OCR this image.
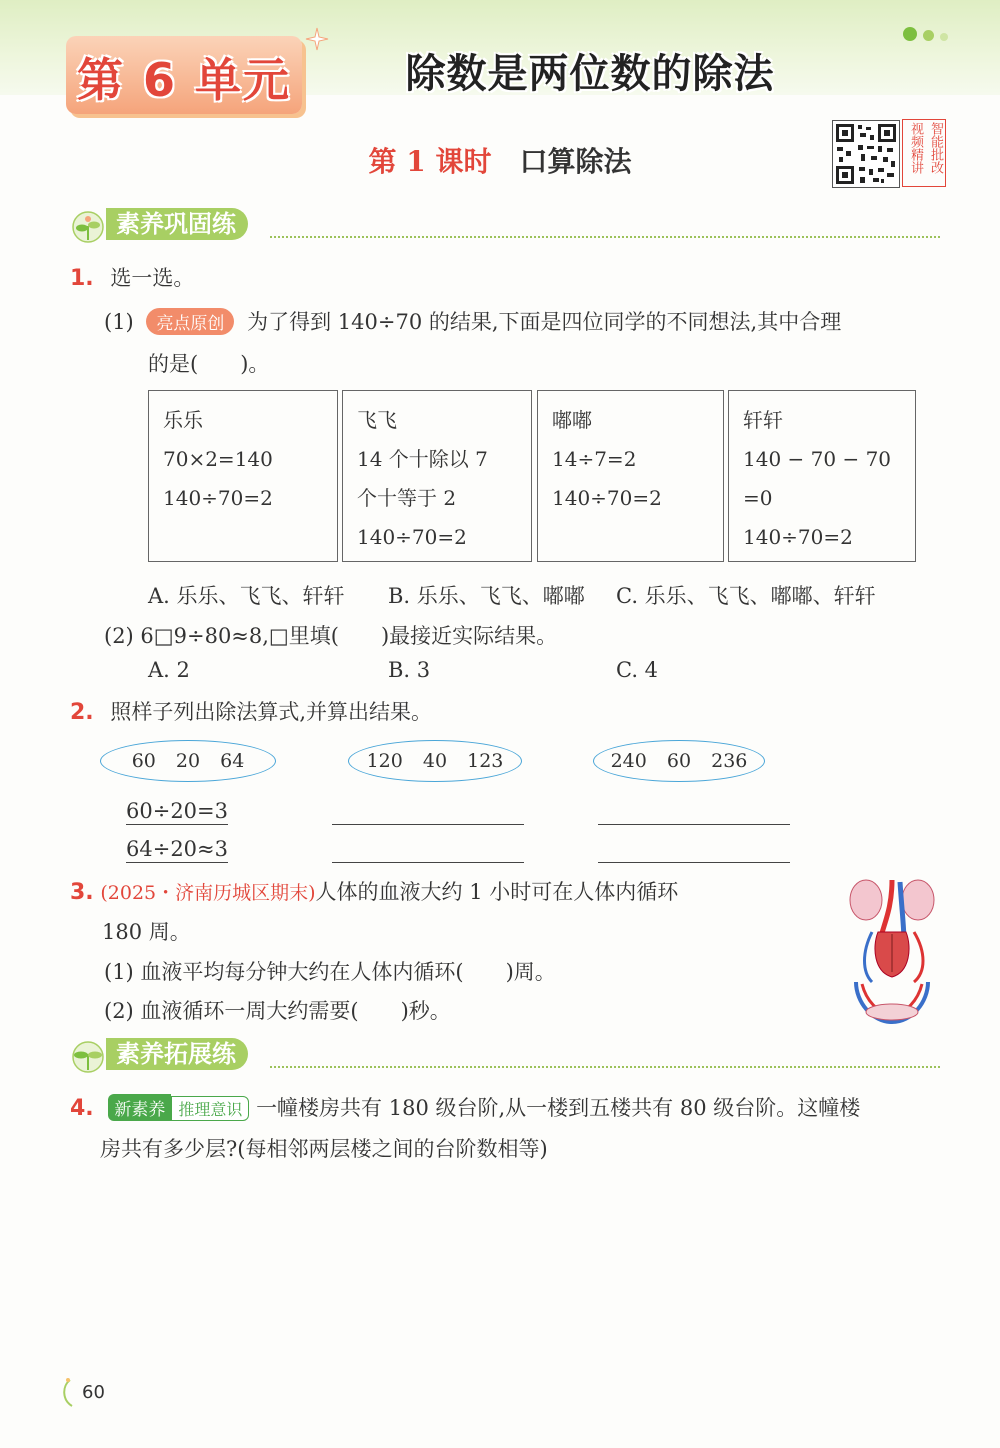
第 6 单元	除数是两位数的除法
第 1 课时 口算除法	智能批改
视频精讲
素养巩固练
1. 选一选。
(1) 亮点原创 为了得到 140÷70 的结果,下面是四位同学的不同想法,其中合理
的是(　　)。
乐乐
70×2=140
140÷70=2
飞飞
14 个十除以 7
个十等于 2
140÷70=2
嘟嘟
14÷7=2
140÷70=2
轩轩
140 − 70 − 70
=0
140÷70=2
A. 乐乐、飞飞、轩轩 B. 乐乐、飞飞、嘟嘟 C. 乐乐、飞飞、嘟嘟、轩轩
(2) 6□9÷80≈8,□里填(　　)最接近实际结果。
A. 2	B. 3	C. 4
2. 照样子列出除法算式,并算出结果。
60 20 64	120 40 123	240 60 236
60÷20=3
64÷20≈3
3. (2025・济南历城区期末)人体的血液大约 1 小时可在人体内循环
180 周。
(1) 血液平均每分钟大约在人体内循环(　　)周。
(2) 血液循环一周大约需要(　　)秒。
素养拓展练
4. 新素养 推理意识 一幢楼房共有 180 级台阶,从一楼到五楼共有 80 级台阶。这幢楼
房共有多少层?(每相邻两层楼之间的台阶数相等)
60
